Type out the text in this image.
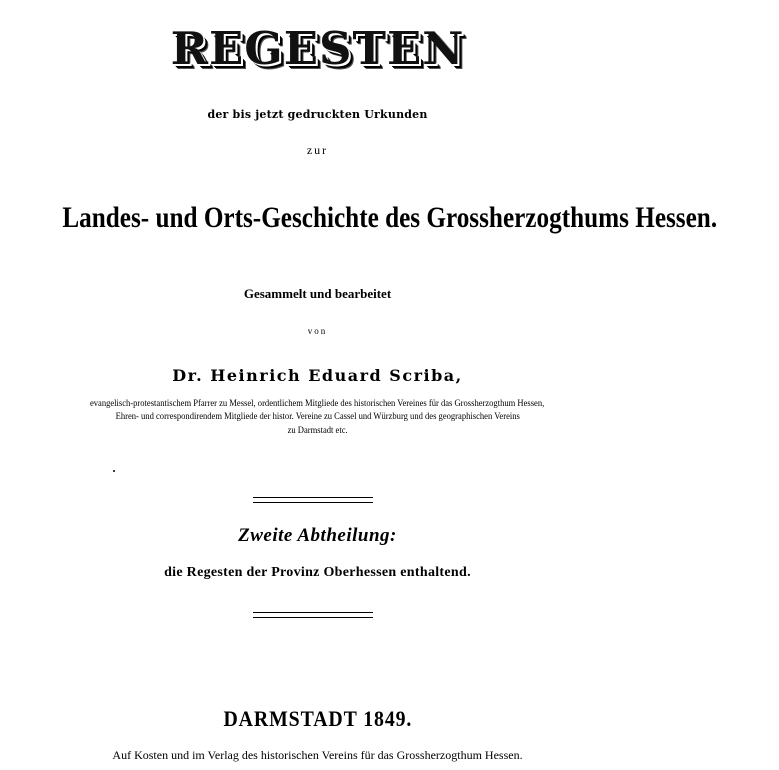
REGESTEN

der bis jetzt gedruckten Urkunden

zur

Landes- und Orts-Geschichte des Grossherzogthums Hessen.

Gesammelt und bearbeitet

von

Dr. Heinrich Eduard Scriba,

evangelisch-protestantischem Pfarrer zu Messel, ordentlichem Mitgliede des historischen Vereines für das Grossherzogthum Hessen,

Ehren- und correspondirendem Mitgliede der histor. Vereine zu Cassel und Würzburg und des geographischen Vereins

zu Darmstadt etc.

Zweite Abtheilung:

die Regesten der Provinz Oberhessen enthaltend.

DARMSTADT 1849.

Auf Kosten und im Verlag des historischen Vereins für das Grossherzogthum Hessen.
